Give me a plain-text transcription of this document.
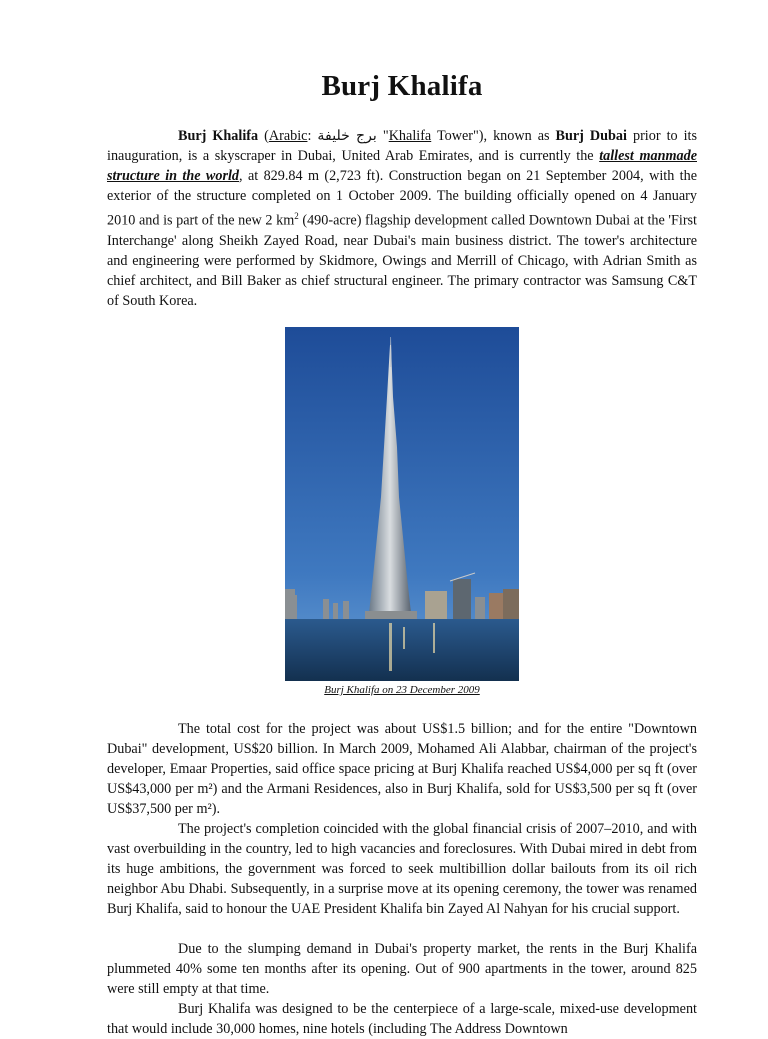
Burj Khalifa

Burj Khalifa (Arabic: برج خليفة "Khalifa Tower"), known as Burj Dubai prior to its inauguration, is a skyscraper in Dubai, United Arab Emirates, and is currently the tallest manmade structure in the world, at 829.84 m (2,723 ft). Construction began on 21 September 2004, with the exterior of the structure completed on 1 October 2009. The building officially opened on 4 January 2010 and is part of the new 2 $km^2$ (490-acre) flagship development called Downtown Dubai at the 'First Interchange' along Sheikh Zayed Road, near Dubai's main business district. The tower's architecture and engineering were performed by Skidmore, Owings and Merrill of Chicago, with Adrian Smith as chief architect, and Bill Baker as chief structural engineer. The primary contractor was Samsung C&T of South Korea.

Burj Khalifa on 23 December 2009

The total cost for the project was about US$1.5 billion; and for the entire "Downtown Dubai" development, US$20 billion. In March 2009, Mohamed Ali Alabbar, chairman of the project's developer, Emaar Properties, said office space pricing at Burj Khalifa reached US$4,000 per sq ft (over US$43,000 per m²) and the Armani Residences, also in Burj Khalifa, sold for US$3,500 per sq ft (over US$37,500 per m²).

The project's completion coincided with the global financial crisis of 2007–2010, and with vast overbuilding in the country, led to high vacancies and foreclosures. With Dubai mired in debt from its huge ambitions, the government was forced to seek multibillion dollar bailouts from its oil rich neighbor Abu Dhabi. Subsequently, in a surprise move at its opening ceremony, the tower was renamed Burj Khalifa, said to honour the UAE President Khalifa bin Zayed Al Nahyan for his crucial support.

Due to the slumping demand in Dubai's property market, the rents in the Burj Khalifa plummeted 40% some ten months after its opening. Out of 900 apartments in the tower, around 825 were still empty at that time.

Burj Khalifa was designed to be the centerpiece of a large-scale, mixed-use development that would include 30,000 homes, nine hotels (including The Address Downtown
